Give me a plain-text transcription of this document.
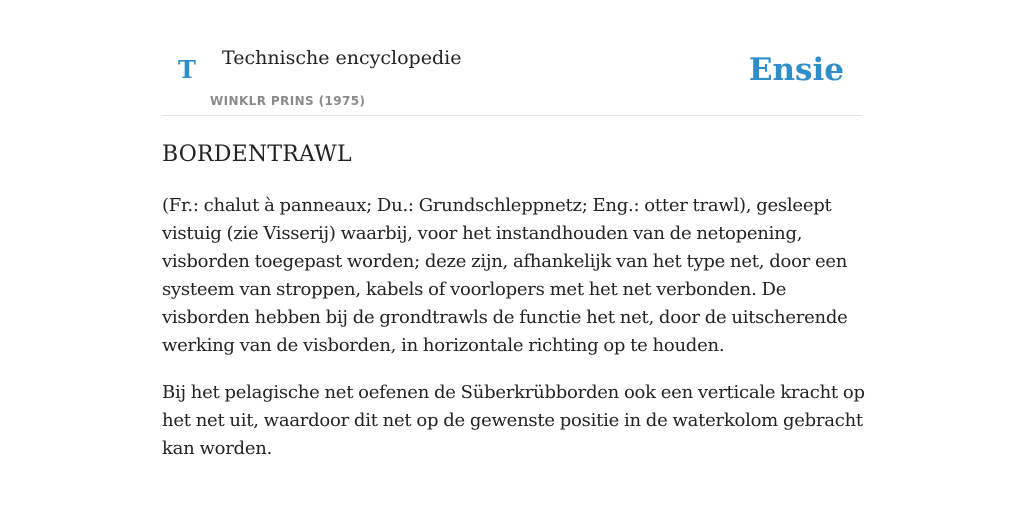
T Technische encyclopedie
WINKLR PRINS (1975)
Ensie
BORDENTRAWL

(Fr.: chalut à panneaux; Du.: Grundschleppnetz; Eng.: otter trawl), gesleept vistuig (zie Visserij) waarbij, voor het instandhouden van de netopening, visborden toegepast worden; deze zijn, afhankelijk van het type net, door een systeem van stroppen, kabels of voorlopers met het net verbonden. De visborden hebben bij de grondtrawls de functie het net, door de uitscherende werking van de visborden, in horizontale richting op te houden.

Bij het pelagische net oefenen de Süberkrübborden ook een verticale kracht op het net uit, waardoor dit net op de gewenste positie in de waterkolom gebracht kan worden.
